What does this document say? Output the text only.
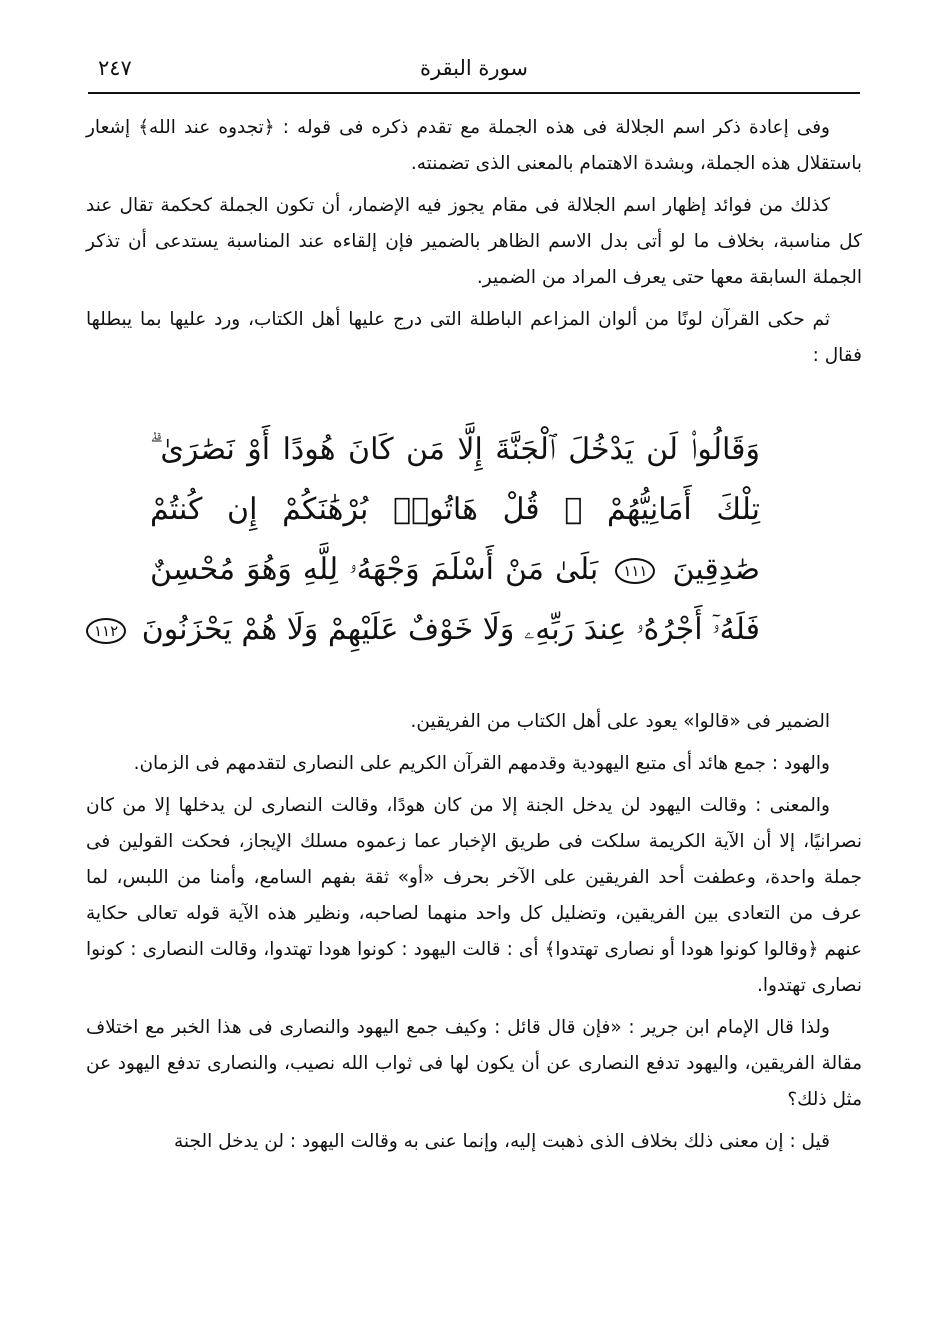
سورة البقرة
٢٤٧

وفى إعادة ذكر اسم الجلالة فى هذه الجملة مع تقدم ذكره فى قوله : ﴿تجدوه عند الله﴾ إشعار باستقلال هذه الجملة، وبشدة الاهتمام بالمعنى الذى تضمنته.

كذلك من فوائد إظهار اسم الجلالة فى مقام يجوز فيه الإضمار، أن تكون الجملة كحكمة تقال عند كل مناسبة، بخلاف ما لو أتى بدل الاسم الظاهر بالضمير فإن إلقاءه عند المناسبة يستدعى أن تذكر الجملة السابقة معها حتى يعرف المراد من الضمير.

ثم حكى القرآن لونًا من ألوان المزاعم الباطلة التى درج عليها أهل الكتاب، ورد عليها بما يبطلها فقال :

وَقَالُوا۟ لَن يَدْخُلَ ٱلْجَنَّةَ إِلَّا مَن كَانَ هُودًا أَوْ نَصَٰرَىٰ ۗ
تِلْكَ أَمَانِيُّهُمْ ۗ قُلْ هَاتُوا۟ بُرْهَٰنَكُمْ إِن كُنتُمْ
صَٰدِقِينَ ١١١ بَلَىٰ مَنْ أَسْلَمَ وَجْهَهُۥ لِلَّهِ وَهُوَ مُحْسِنٌ
فَلَهُۥٓ أَجْرُهُۥ عِندَ رَبِّهِۦ وَلَا خَوْفٌ عَلَيْهِمْ وَلَا هُمْ يَحْزَنُونَ ١١٢

الضمير فى «قالوا» يعود على أهل الكتاب من الفريقين.

والهود : جمع هائد أى متبع اليهودية وقدمهم القرآن الكريم على النصارى لتقدمهم فى الزمان.

والمعنى : وقالت اليهود لن يدخل الجنة إلا من كان هودًا، وقالت النصارى لن يدخلها إلا من كان نصرانيًا، إلا أن الآية الكريمة سلكت فى طريق الإخبار عما زعموه مسلك الإيجاز، فحكت القولين فى جملة واحدة، وعطفت أحد الفريقين على الآخر بحرف «أو» ثقة بفهم السامع، وأمنا من اللبس، لما عرف من التعادى بين الفريقين، وتضليل كل واحد منهما لصاحبه، ونظير هذه الآية قوله تعالى حكاية عنهم ﴿وقالوا كونوا هودا أو نصارى تهتدوا﴾ أى : قالت اليهود : كونوا هودا تهتدوا، وقالت النصارى : كونوا نصارى تهتدوا.

ولذا قال الإمام ابن جرير : «فإن قال قائل : وكيف جمع اليهود والنصارى فى هذا الخبر مع اختلاف مقالة الفريقين، واليهود تدفع النصارى عن أن يكون لها فى ثواب الله نصيب، والنصارى تدفع اليهود عن مثل ذلك؟

قيل : إن معنى ذلك بخلاف الذى ذهبت إليه، وإنما عنى به وقالت اليهود : لن يدخل الجنة
